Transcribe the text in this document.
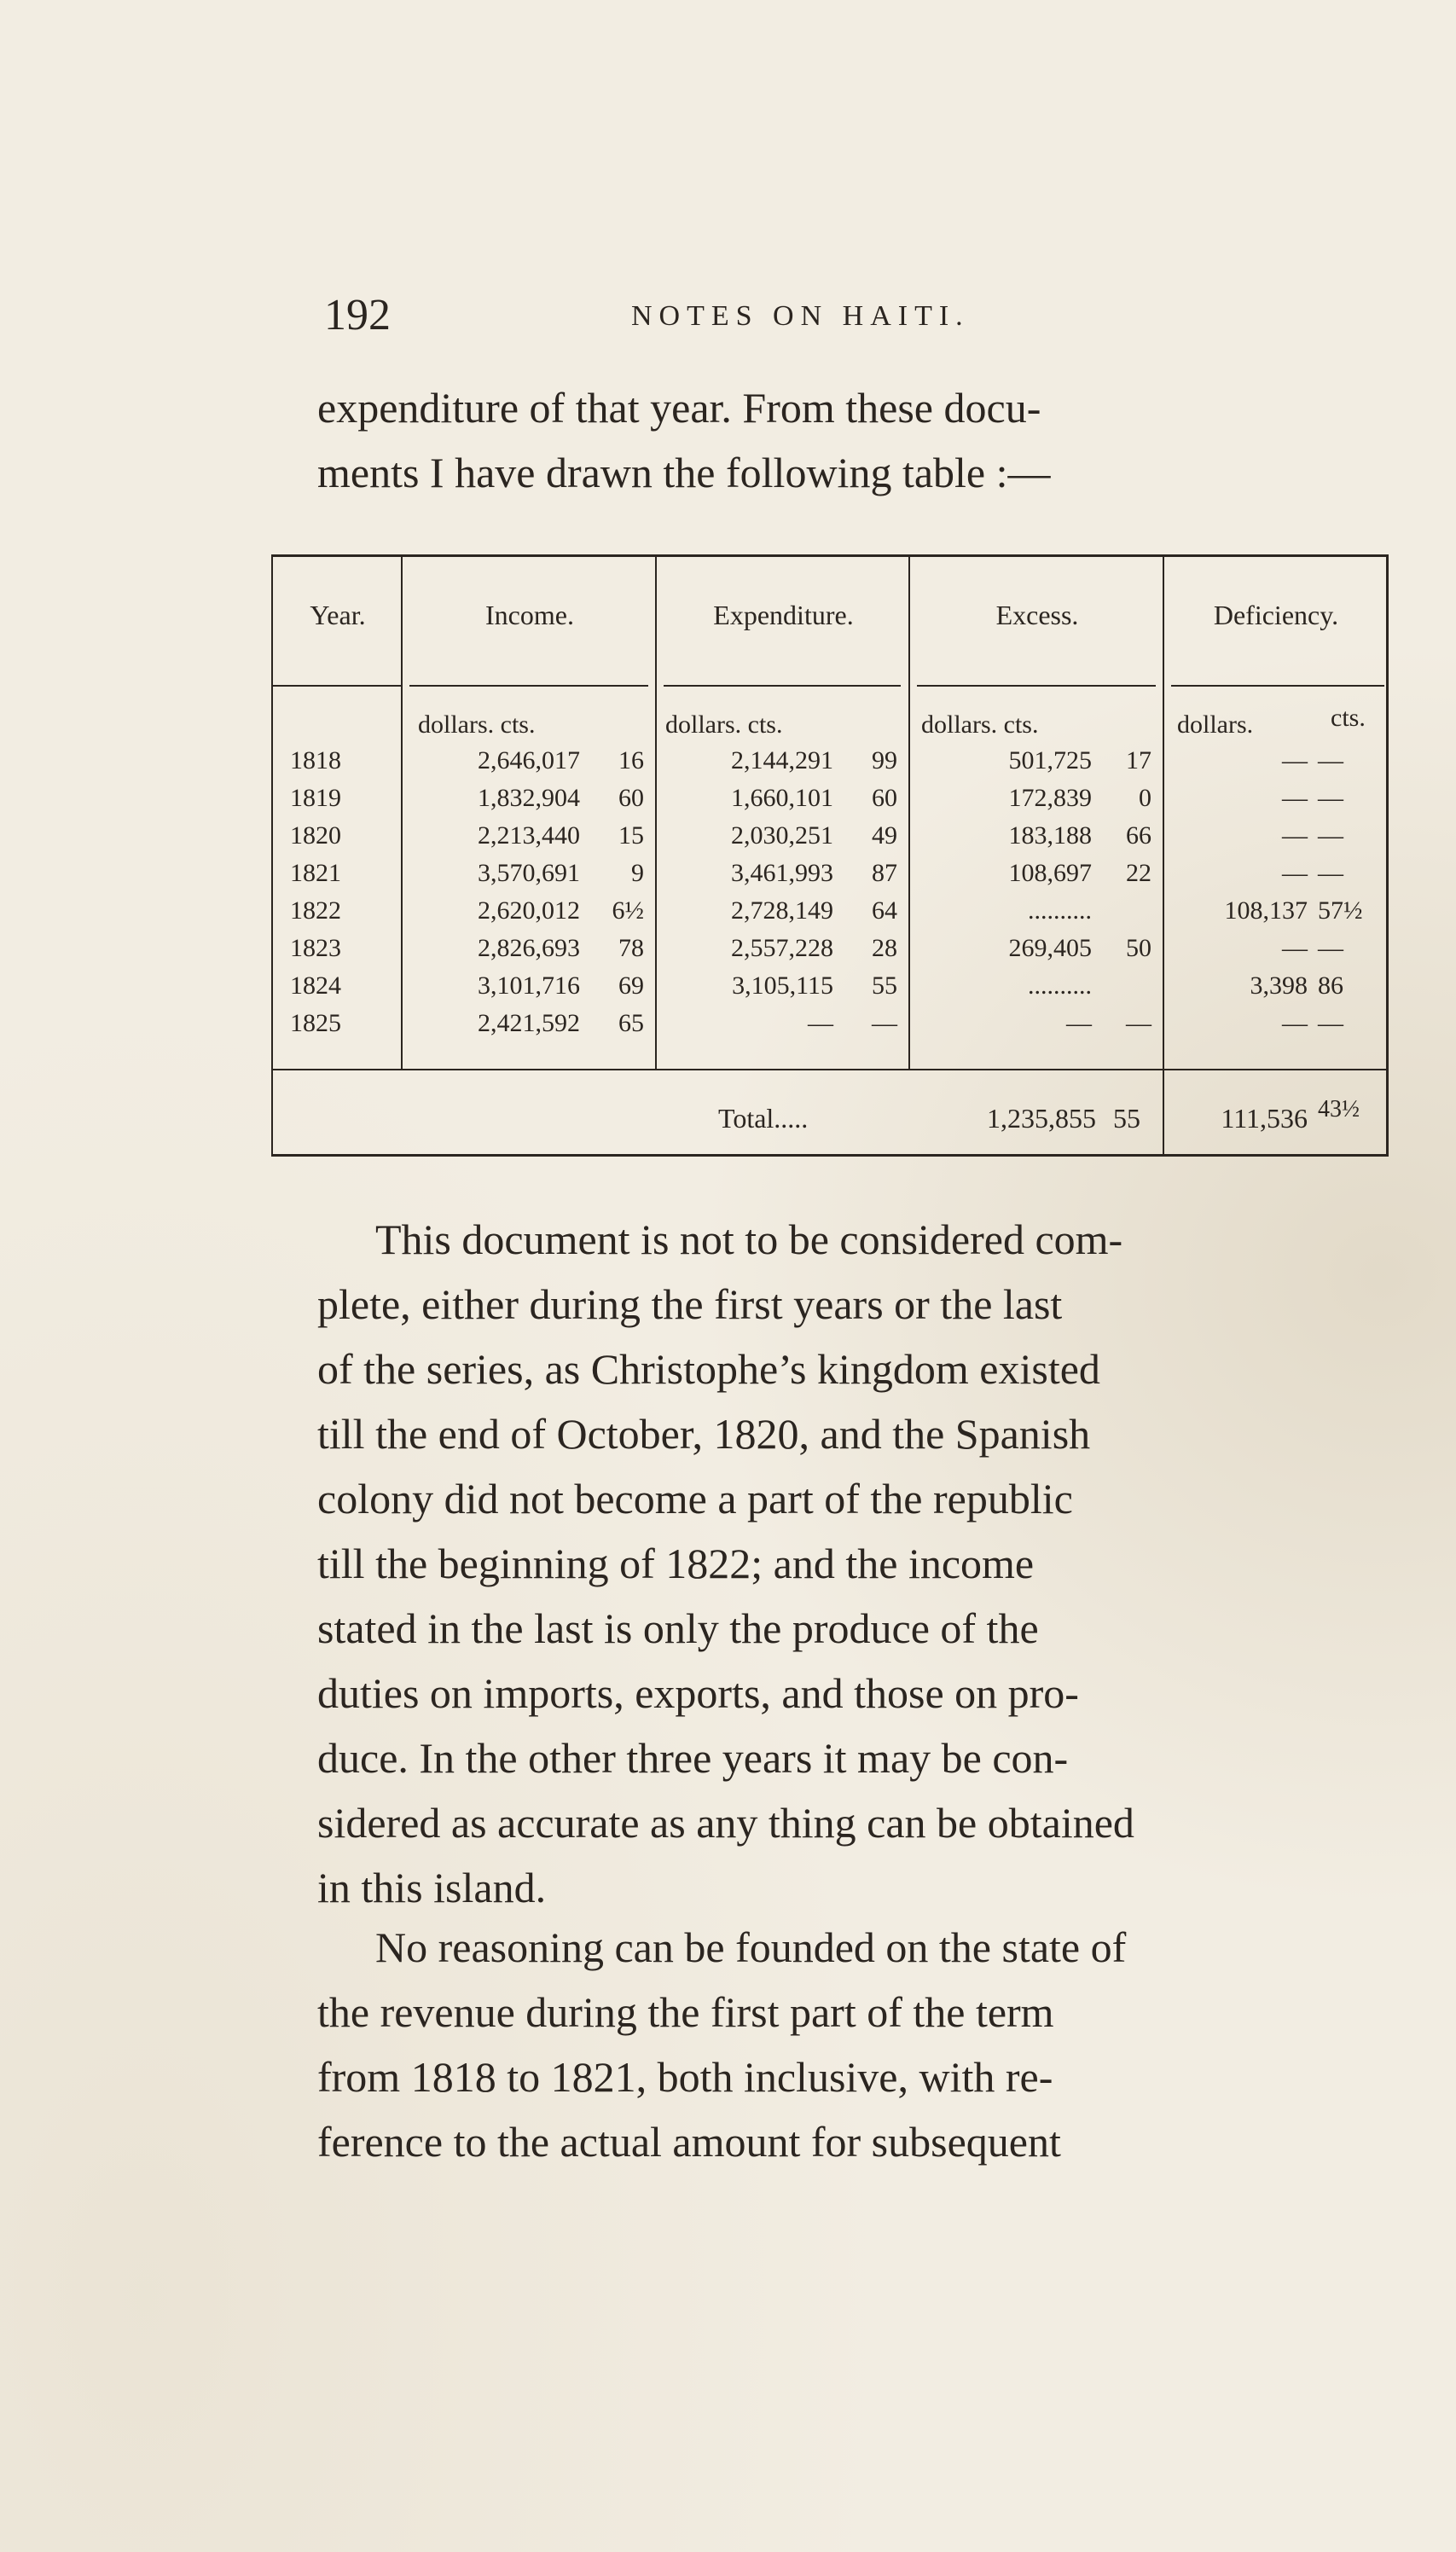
192	NOTES ON HAITI.

expenditure of that year. From these docu-

ments I have drawn the following table :—

Year.	Income.	Expenditure.	Excess.	Deficiency.
dollars. cts.	dollars. cts.	dollars. cts.	dollars.	cts.
1818	2,646,017	16	2,144,291	99	501,725	17	— —
1819	1,832,904	60	1,660,101	60	172,839	0	— —
1820	2,213,440	15	2,030,251	49	183,188	66	— —
1821	3,570,691	9	3,461,993	87	108,697	22	— —
1822	2,620,012	6½	2,728,149	64	..........	108,137 57½
1823	2,826,693	78	2,557,228	28	269,405	50	— —
1824	3,101,716	69	3,105,115	55	..........	3,398 86
1825	2,421,592	65	—	—	—	—	— —
Total.....	1,235,855 55	111,536 43½

This document is not to be considered com-

plete, either during the first years or the last

of the series, as Christophe’s kingdom existed

till the end of October, 1820, and the Spanish

colony did not become a part of the republic

till the beginning of 1822; and the income

stated in the last is only the produce of the

duties on imports, exports, and those on pro-

duce. In the other three years it may be con-

sidered as accurate as any thing can be obtained

in this island.

No reasoning can be founded on the state of

the revenue during the first part of the term

from 1818 to 1821, both inclusive, with re-

ference to the actual amount for subsequent
